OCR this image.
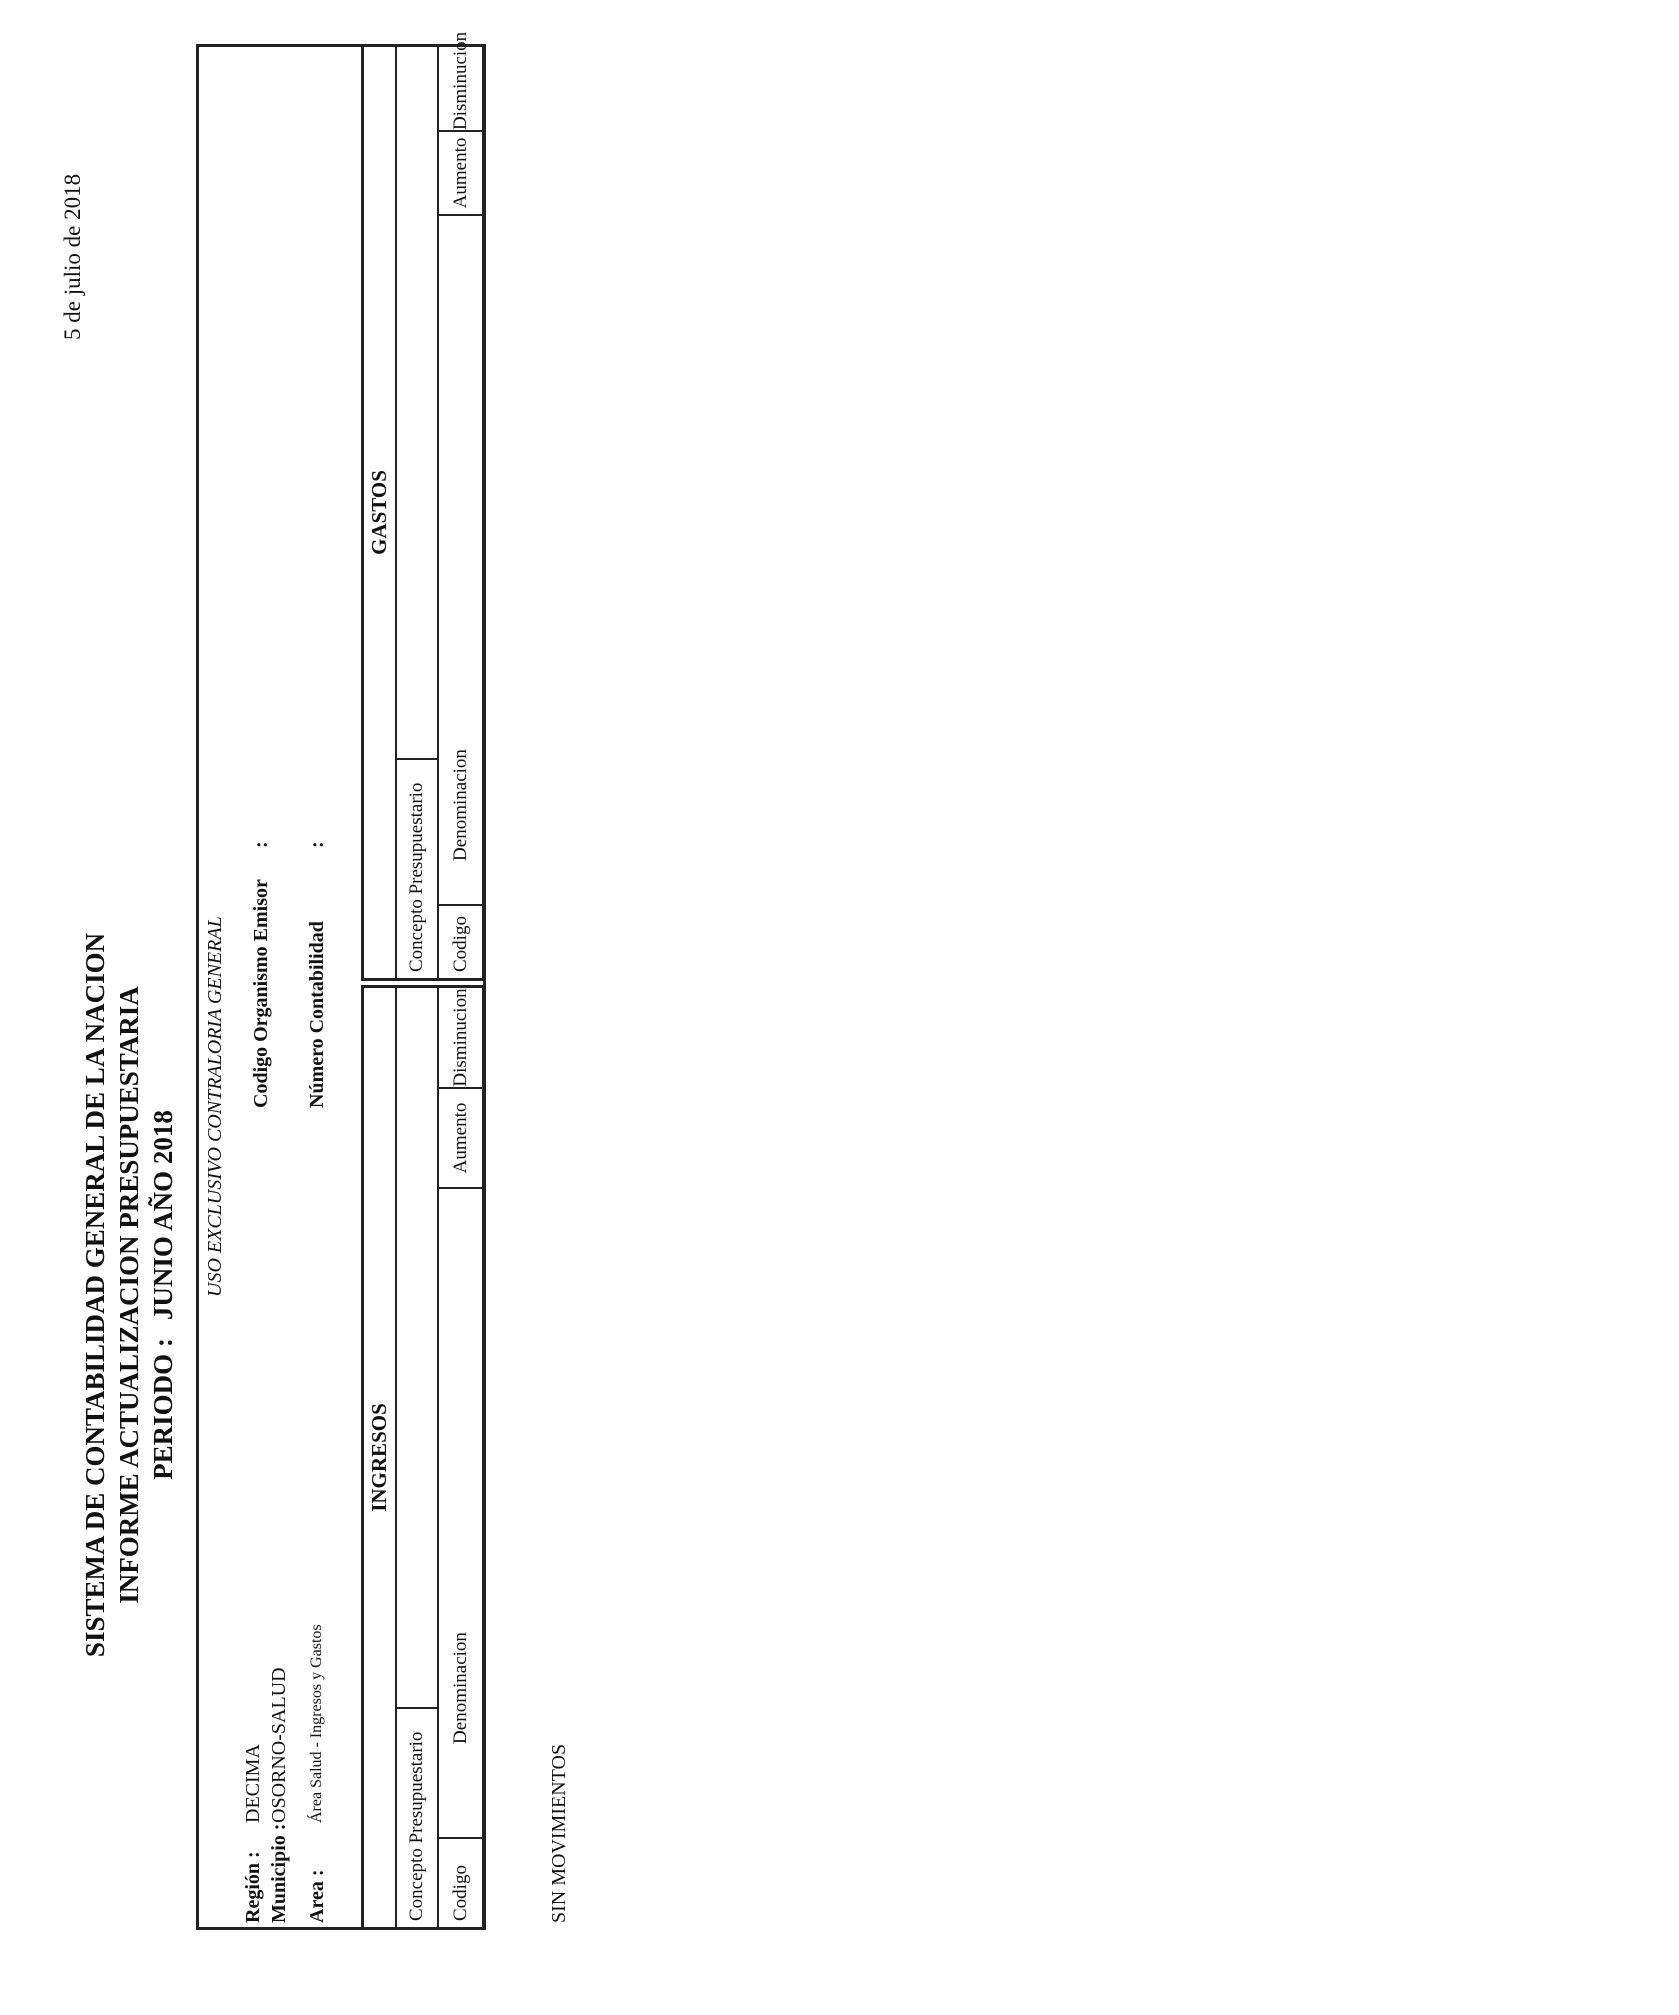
5 de julio de 2018
SISTEMA DE CONTABILIDAD GENERAL DE LA NACION INFORME ACTUALIZACION PRESUPUESTARIA PERIODO :JUNIO AÑO 2018 USO EXCLUSIVO CONTRALORIA GENERAL
Región :
DECIMA
Municipio :
OSORNO-SALUD
Area :
Área Salud - Ingresos y Gastos
Codigo Organismo Emisor
:
Número Contabilidad
:
INGRESOS
Concepto Presupuestario	Codigo
Denominacion
Aumento
Disminucion
GASTOS
Concepto Presupuestario	Codigo
Denominacion
Aumento
Disminucion
SIN MOVIMIENTOS
